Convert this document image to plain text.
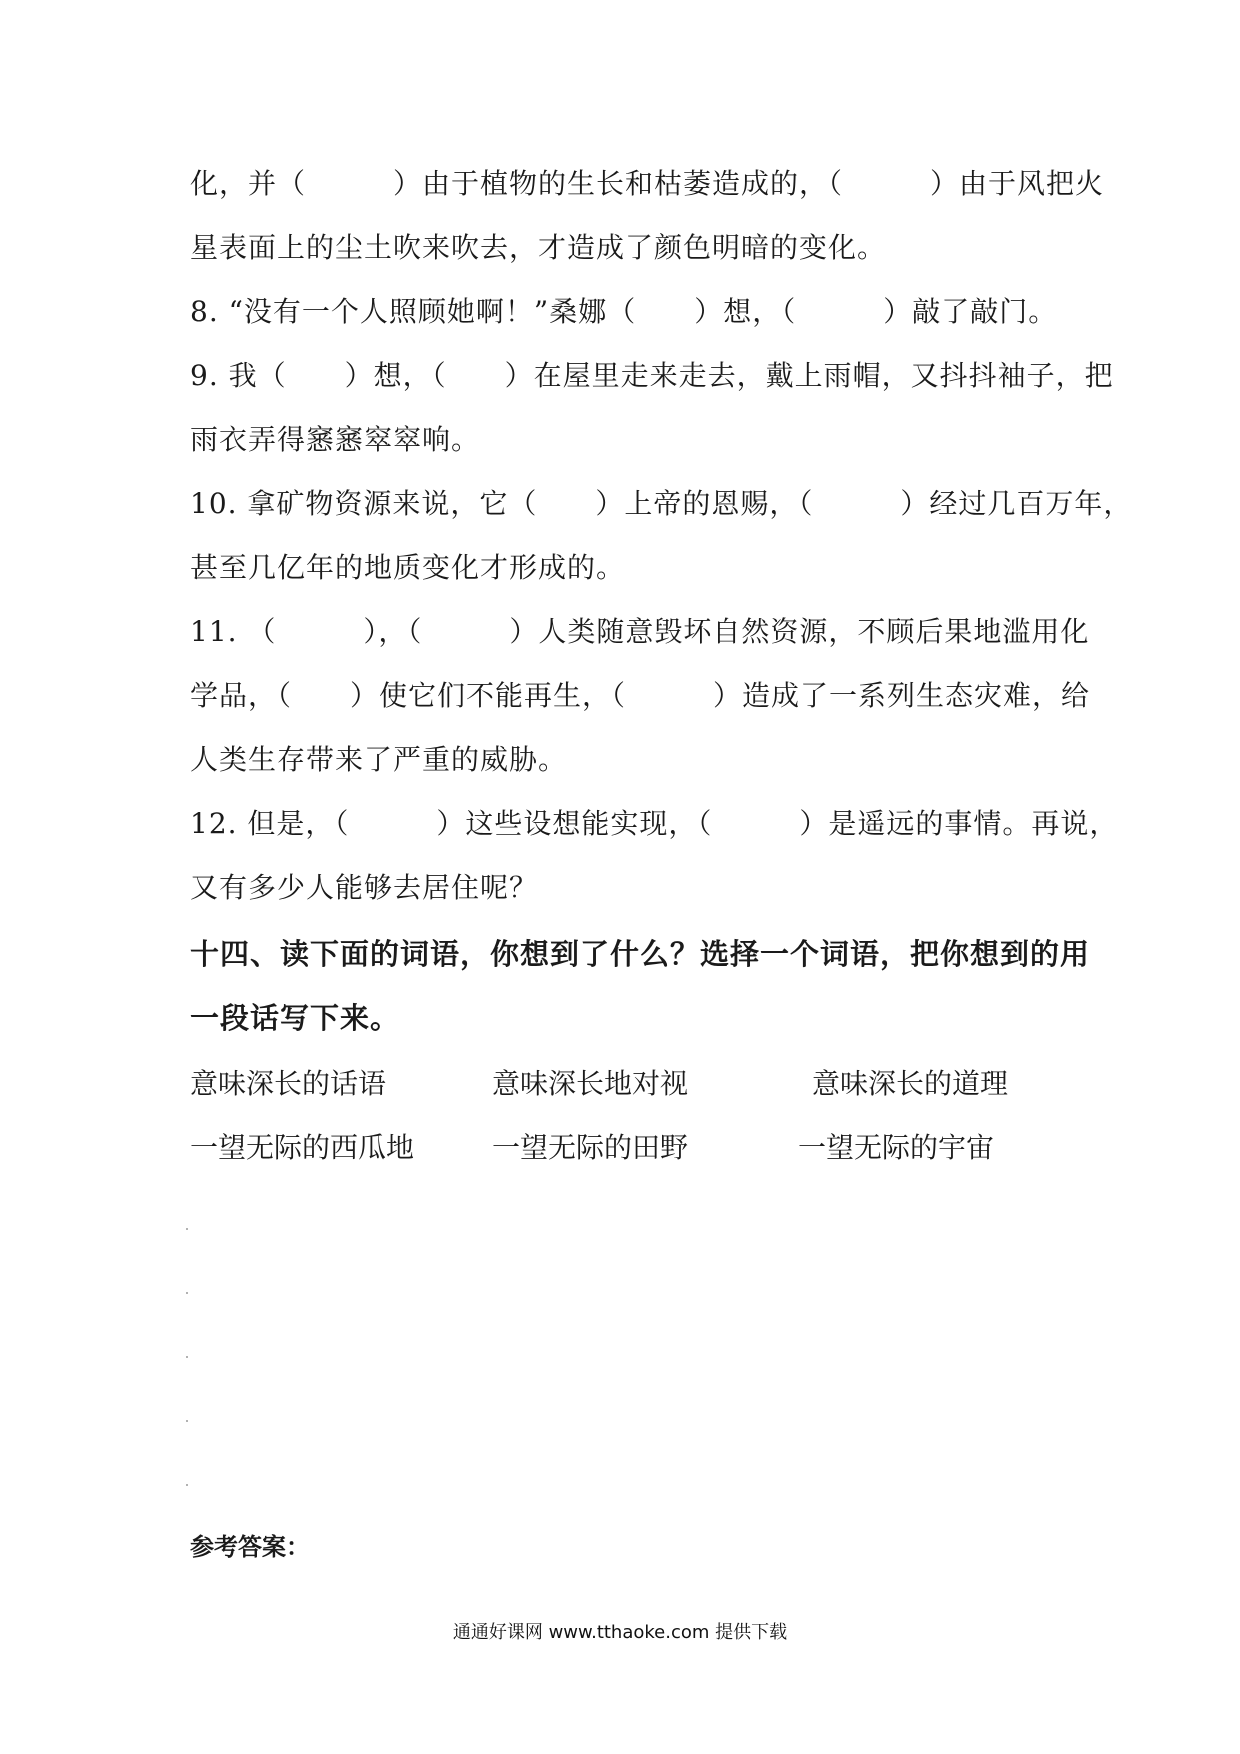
化，并（　　　）由于植物的生长和枯萎造成的，（　　　）由于风把火
星表面上的尘土吹来吹去，才造成了颜色明暗的变化。
8. “没有一个人照顾她啊！”桑娜（　　）想，（　　　）敲了敲门。
9. 我（　　）想，（　　）在屋里走来走去，戴上雨帽，又抖抖袖子，把
雨衣弄得窸窸窣窣响。
10. 拿矿物资源来说，它（　　）上帝的恩赐，（　　　）经过几百万年，
甚至几亿年的地质变化才形成的。
11. （　　　），（　　　）人类随意毁坏自然资源，不顾后果地滥用化
学品，（　　）使它们不能再生，（　　　）造成了一系列生态灾难，给
人类生存带来了严重的威胁。
12. 但是，（　　　）这些设想能实现，（　　　）是遥远的事情。再说，
又有多少人能够去居住呢？
十四、读下面的词语，你想到了什么？选择一个词语，把你想到的用
一段话写下来。
意味深长的话语	意味深长地对视	意味深长的道理
一望无际的西瓜地	一望无际的田野	一望无际的宇宙
参考答案：
通通好课网 www.tthaoke.com 提供下载
